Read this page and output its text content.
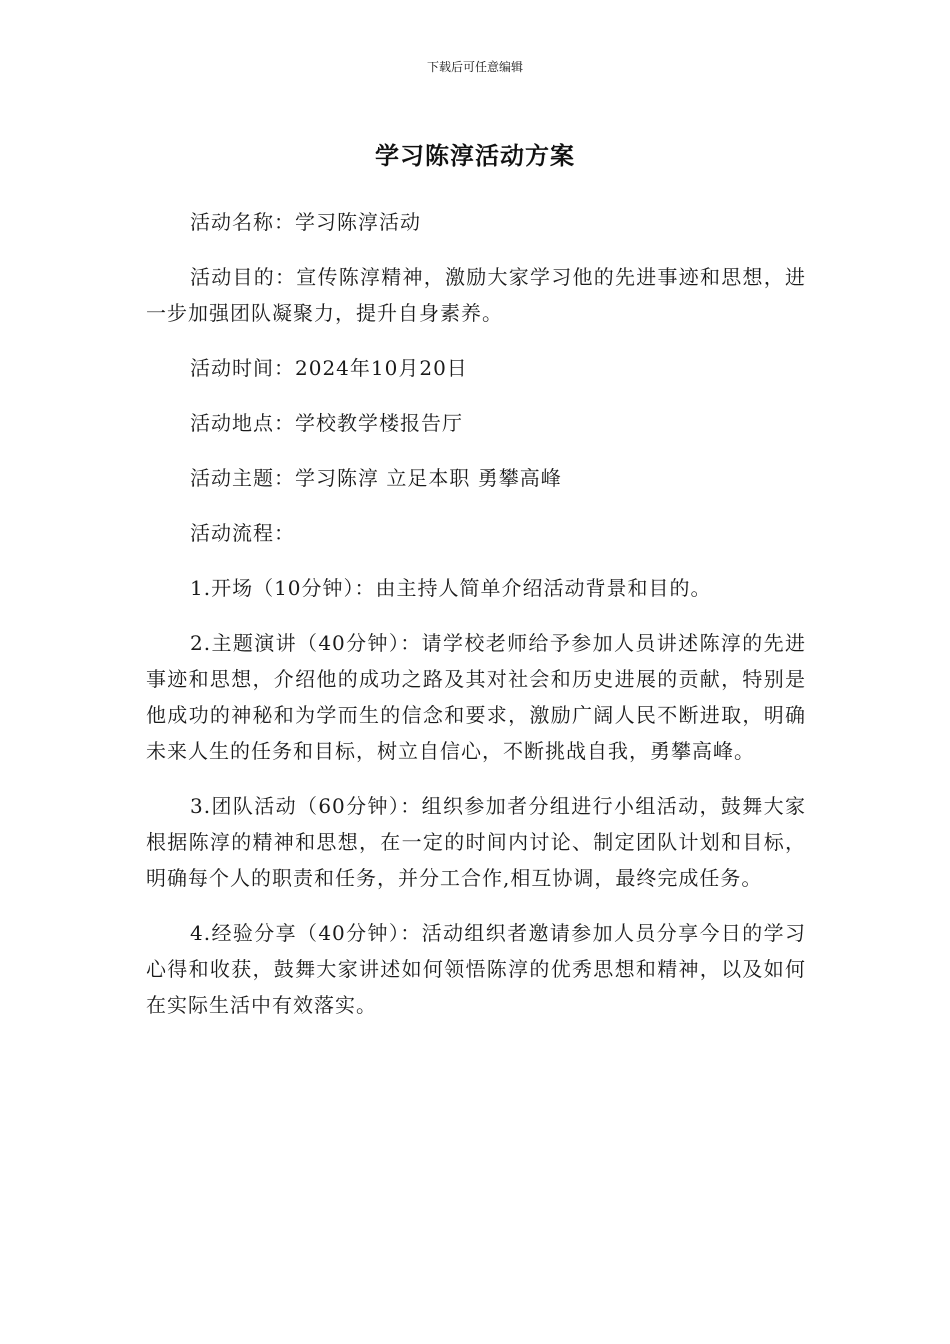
下载后可任意编辑
学习陈淳活动方案

活动名称：学习陈淳活动

活动目的：宣传陈淳精神，激励大家学习他的先进事迹和思想，进一步加强团队凝聚力，提升自身素养。

活动时间：2024年10月20日

活动地点：学校教学楼报告厅

活动主题：学习陈淳 立足本职 勇攀高峰

活动流程：

1.开场（10分钟）：由主持人简单介绍活动背景和目的。

2.主题演讲（40分钟）：请学校老师给予参加人员讲述陈淳的先进事迹和思想，介绍他的成功之路及其对社会和历史进展的贡献，特别是他成功的神秘和为学而生的信念和要求，激励广阔人民不断进取，明确未来人生的任务和目标，树立自信心，不断挑战自我，勇攀高峰。

3.团队活动（60分钟）：组织参加者分组进行小组活动，鼓舞大家根据陈淳的精神和思想，在一定的时间内讨论、制定团队计划和目标，明确每个人的职责和任务，并分工合作,相互协调，最终完成任务。

4.经验分享（40分钟）：活动组织者邀请参加人员分享今日的学习心得和收获，鼓舞大家讲述如何领悟陈淳的优秀思想和精神，以及如何在实际生活中有效落实。
